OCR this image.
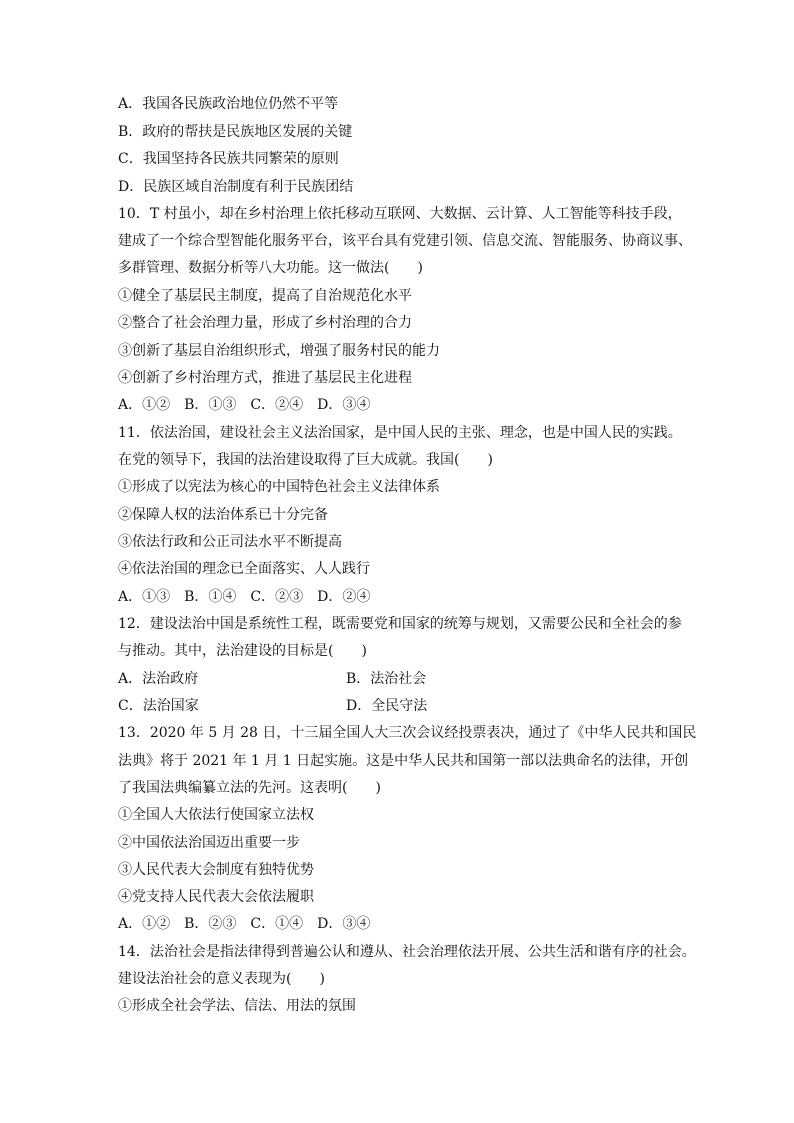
A．我国各民族政治地位仍然不平等
B．政府的帮扶是民族地区发展的关键
C．我国坚持各民族共同繁荣的原则
D．民族区域自治制度有利于民族团结
10．T 村虽小，却在乡村治理上依托移动互联网、大数据、云计算、人工智能等科技手段，
建成了一个综合型智能化服务平台，该平台具有党建引领、信息交流、智能服务、协商议事、
多群管理、数据分析等八大功能。这一做法(　　)
①健全了基层民主制度，提高了自治规范化水平
②整合了社会治理力量，形成了乡村治理的合力
③创新了基层自治组织形式，增强了服务村民的能力
④创新了乡村治理方式，推进了基层民主化进程
A．①②　B．①③　C．②④　D．③④
11．依法治国，建设社会主义法治国家，是中国人民的主张、理念，也是中国人民的实践。
在党的领导下，我国的法治建设取得了巨大成就。我国(　　)
①形成了以宪法为核心的中国特色社会主义法律体系
②保障人权的法治体系已十分完备
③依法行政和公正司法水平不断提高
④依法治国的理念已全面落实、人人践行
A．①③　B．①④　C．②③　D．②④
12．建设法治中国是系统性工程，既需要党和国家的统筹与规划，又需要公民和全社会的参
与推动。其中，法治建设的目标是(　　)
A．法治政府	B．法治社会
C．法治国家	D．全民守法
13．2020 年 5 月 28 日，十三届全国人大三次会议经投票表决，通过了《中华人民共和国民
法典》将于 2021 年 1 月 1 日起实施。这是中华人民共和国第一部以法典命名的法律，开创
了我国法典编纂立法的先河。这表明(　　)
①全国人大依法行使国家立法权
②中国依法治国迈出重要一步
③人民代表大会制度有独特优势
④党支持人民代表大会依法履职
A．①②　B．②③　C．①④　D．③④
14．法治社会是指法律得到普遍公认和遵从、社会治理依法开展、公共生活和谐有序的社会。
建设法治社会的意义表现为(　　)
①形成全社会学法、信法、用法的氛围
